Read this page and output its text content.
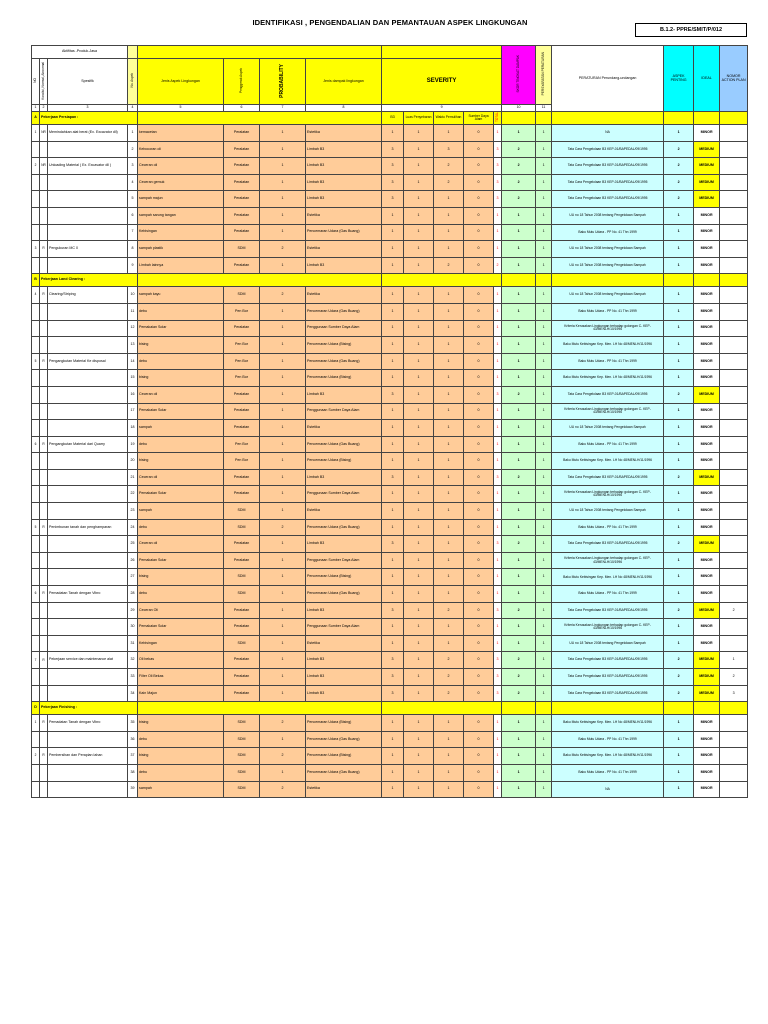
IDENTIFIKASI , PENGENDALIAN DAN PEMANTAUAN ASPEK LINGKUNGAN
B.1.2- PPRE/SMIT/P/012
Aktifitas -Produk-Jasa													SKOR TINGKAT DAMPAK	PERSYARATAN PERATURAN	PERATURAN Perundang-undangan	ASPEK PENTING	IDEAL	NOMOR ACTION PLAN
NO	Kondisi, Normal, Abnormal	Spesifik	No. Aspek	Jenis Aspek Lingkungan	Penggerak Aspek	PROBABILITY	Jenis dampak lingkungan	SEVERITY										
1	2	3	4	5	6	7	8	9					10	11				
A	Pekerjaan Persiapan :							B3	Luas Penyebaran	Waktu Pemulihan	Sumber Daya Alam	TOTAL						
1	NR	Memindahkan alat berat (Ex. Excavator dll)	1	kemacetan	Peralatan	1	Estetika	1	1	1	0	1	1	1	NA	1	MINOR	
			2	Kebocoran oli	Peralatan	1	Limbah B3	3	1	3	0	3	2	1	Tata Cara Pengelolaan B3 KEP-01/BAPEDAL/09/1995	2	MEDIUM	
2	NR	Unloading Material ( Ex. Excavator dll )	3	Ceceran oli	Peralatan	1	Limbah B3	3	1	2	0	3	2	1	Tata Cara Pengelolaan B3 KEP-01/BAPEDAL/09/1995	2	MEDIUM	
			4	Ceceran gemuk	Peralatan	1	Limbah B3	3	1	2	0	3	2	1	Tata Cara Pengelolaan B3 KEP-01/BAPEDAL/09/1995	2	MEDIUM	
			5	sampah majun	Peralatan	1	Limbah B3	3	1	1	0	3	2	1	Tata Cara Pengelolaan B3 KEP-01/BAPEDAL/09/1995	2	MEDIUM	
			6	sampah sarung tangan	Peralatan	1	Estetika	1	1	1	0	1	1	1	UU no 18 Tahun 2008 tentang Pengelolaan Sampah	1	MINOR	
			7	Kebisingan	Peralatan	1	Pencemaran Udara (Gas Buang)	1	1	1	0	1	1	1	Baku Mutu Udara - PP No. 41 Thn 1999	1	MINOR	
3	R	Pengukuran MC 0	8	sampah plastik	SDM	2	Estetika	1	1	1	0	1	1	1	UU no 18 Tahun 2008 tentang Pengelolaan Sampah	1	MINOR	
			9	Limbah lainnya	Peralatan	1	Limbah B3	1	1	2	0	2	1	1	UU no 18 Tahun 2008 tentang Pengelolaan Sampah	1	MINOR	
B	Pekerjaan Land Clearing :																	
4	R	Clearing/Striping	10	sampah kayu	SDM	2	Estetika	1	1	1	0	1	1	1	UU no 18 Tahun 2008 tentang Pengelolaan Sampah	1	MINOR	
			11	debu	Pen Bor	1	Pencemaran Udara (Gas Buang)	1	1	1	0	1	1	1	Baku Mutu Udara - PP No. 41 Thn 1999	1	MINOR	
			12	Pemakaian Solar	Peralatan	1	Penggunaan Sumber Daya Alam	1	1	1	0	1	1	1	Kriteria Kerusakan Lingkungan terhadap golongan C- KEP-43/MENLH/10/1996	1	MINOR	
			13	bising	Pen Bor	1	Pencemaran Udara (Bising)	1	1	1	0	1	1	1	Baku Mutu Kebisingan Kep. Men. LH No 48/MENLH/11/1996	1	MINOR	
5	R	Pengangkutan Material Ke disposal	14	debu	Pen Bor	1	Pencemaran Udara (Gas Buang)	1	1	1	0	1	1	1	Baku Mutu Udara - PP No. 41 Thn 1999	1	MINOR	
			15	bising	Pen Bor	1	Pencemaran Udara (Bising)	1	1	1	0	1	1	1	Baku Mutu Kebisingan Kep. Men. LH No 48/MENLH/11/1996	1	MINOR	
			16	Ceceran oli	Peralatan	1	Limbah B3	3	1	1	0	3	2	1	Tata Cara Pengelolaan B3 KEP-01/BAPEDAL/09/1995	2	MEDIUM	
			17	Pemakaian Solar	Peralatan	1	Penggunaan Sumber Daya Alam	1	1	1	0	1	1	1	Kriteria Kerusakan Lingkungan terhadap golongan C- KEP-43/MENLH/10/1996	1	MINOR	
			18	sampah	Peralatan	1	Estetika	1	1	1	0	1	1	1	UU no 18 Tahun 2008 tentang Pengelolaan Sampah	1	MINOR	
6	R	Pengangkutan Material dari Quarry	19	debu	Pen Bor	1	Pencemaran Udara (Gas Buang)	1	1	1	0	1	1	1	Baku Mutu Udara - PP No. 41 Thn 1999	1	MINOR	
			20	bising	Pen Bor	1	Pencemaran Udara (Bising)	1	1	1	0	1	1	1	Baku Mutu Kebisingan Kep. Men. LH No 48/MENLH/11/1996	1	MINOR	
			21	Ceceran oli	Peralatan	1	Limbah B3	3	1	1	0	3	2	1	Tata Cara Pengelolaan B3 KEP-01/BAPEDAL/09/1995	2	MEDIUM	
			22	Pemakaian Solar	Peralatan	1	Penggunaan Sumber Daya Alam	1	1	1	0	1	1	1	Kriteria Kerusakan Lingkungan terhadap golongan C- KEP-43/MENLH/10/1996	1	MINOR	
			23	sampah	SDM	1	Estetika	1	1	1	0	1	1	1	UU no 18 Tahun 2008 tentang Pengelolaan Sampah	1	MINOR	
5	R	Penimbunan tanah dan penghamparan	24	debu	SDM	2	Pencemaran Udara (Gas Buang)	1	1	1	0	1	1	1	Baku Mutu Udara - PP No. 41 Thn 1999	1	MINOR	
			25	Ceceran oli	Peralatan	1	Limbah B3	3	1	1	0	3	2	1	Tata Cara Pengelolaan B3 KEP-01/BAPEDAL/09/1995	2	MEDIUM	
			26	Pemakaian Solar	Peralatan	1	Penggunaan Sumber Daya Alam	1	1	1	0	1	1	1	Kriteria Kerusakan Lingkungan terhadap golongan C- KEP-43/MENLH/10/1996	1	MINOR	
			27	bising	SDM	1	Pencemaran Udara (Bising)	1	1	1	0	1	1	1	Baku Mutu Kebisingan Kep. Men. LH No 48/MENLH/11/1996	1	MINOR	
6	R	Pemadatan Tanah dengan Vibro	28	debu	SDM	1	Pencemaran Udara (Gas Buang)	1	1	1	0	1	1	1	Baku Mutu Udara - PP No. 41 Thn 1999	1	MINOR	
			29	Ceceran Oli	Peralatan	1	Limbah B3	3	1	2	0	3	2	1	Tata Cara Pengelolaan B3 KEP-01/BAPEDAL/09/1995	2	MEDIUM	2
			30	Pemakaian Solar	Peralatan	1	Penggunaan Sumber Daya Alam	1	1	1	0	1	1	1	Kriteria Kerusakan Lingkungan terhadap golongan C- KEP-43/MENLH/10/1996	1	MINOR	
			31	Kebisingan	SDM	1	Estetika	1	1	1	0	1	1	1	UU no 18 Tahun 2008 tentang Pengelolaan Sampah	1	MINOR	
7	R	Pekerjaan service dan maintenance alat	32	Oli bekas	Peralatan	1	Limbah B3	3	1	2	0	3	2	1	Tata Cara Pengelolaan B3 KEP-01/BAPEDAL/09/1995	2	MEDIUM	1
			33	Filter Oli Bekas	Peralatan	1	Limbah B3	3	1	2	0	3	2	1	Tata Cara Pengelolaan B3 KEP-01/BAPEDAL/09/1995	2	MEDIUM	2
			34	Kain Majun	Peralatan	1	Limbah B3	3	1	2	0	3	2	1	Tata Cara Pengelolaan B3 KEP-01/BAPEDAL/09/1995	2	MEDIUM	3
D	Pekerjaan Finishing :																	
1	R	Pemadatan Tanah dengan Vibro	35	bising	SDM	2	Pencemaran Udara (Bising)	1	1	1	0	1	1	1	Baku Mutu Kebisingan Kep. Men. LH No 48/MENLH/11/1996	1	MINOR	
			36	debu	SDM	1	Pencemaran Udara (Gas Buang)	1	1	1	0	1	1	1	Baku Mutu Udara - PP No. 41 Thn 1999	1	MINOR	
2	R	Pembersihan dan Perapian lahan	37	bising	SDM	2	Pencemaran Udara (Bising)	1	1	1	0	1	1	1	Baku Mutu Kebisingan Kep. Men. LH No 48/MENLH/11/1996	1	MINOR	
			38	debu	SDM	1	Pencemaran Udara (Gas Buang)	1	1	1	0	1	1	1	Baku Mutu Udara - PP No. 41 Thn 1999	1	MINOR	
			39	sampah	SDM	2	Estetika	1	1	1	0	1	1	1	NA	1	MINOR	
